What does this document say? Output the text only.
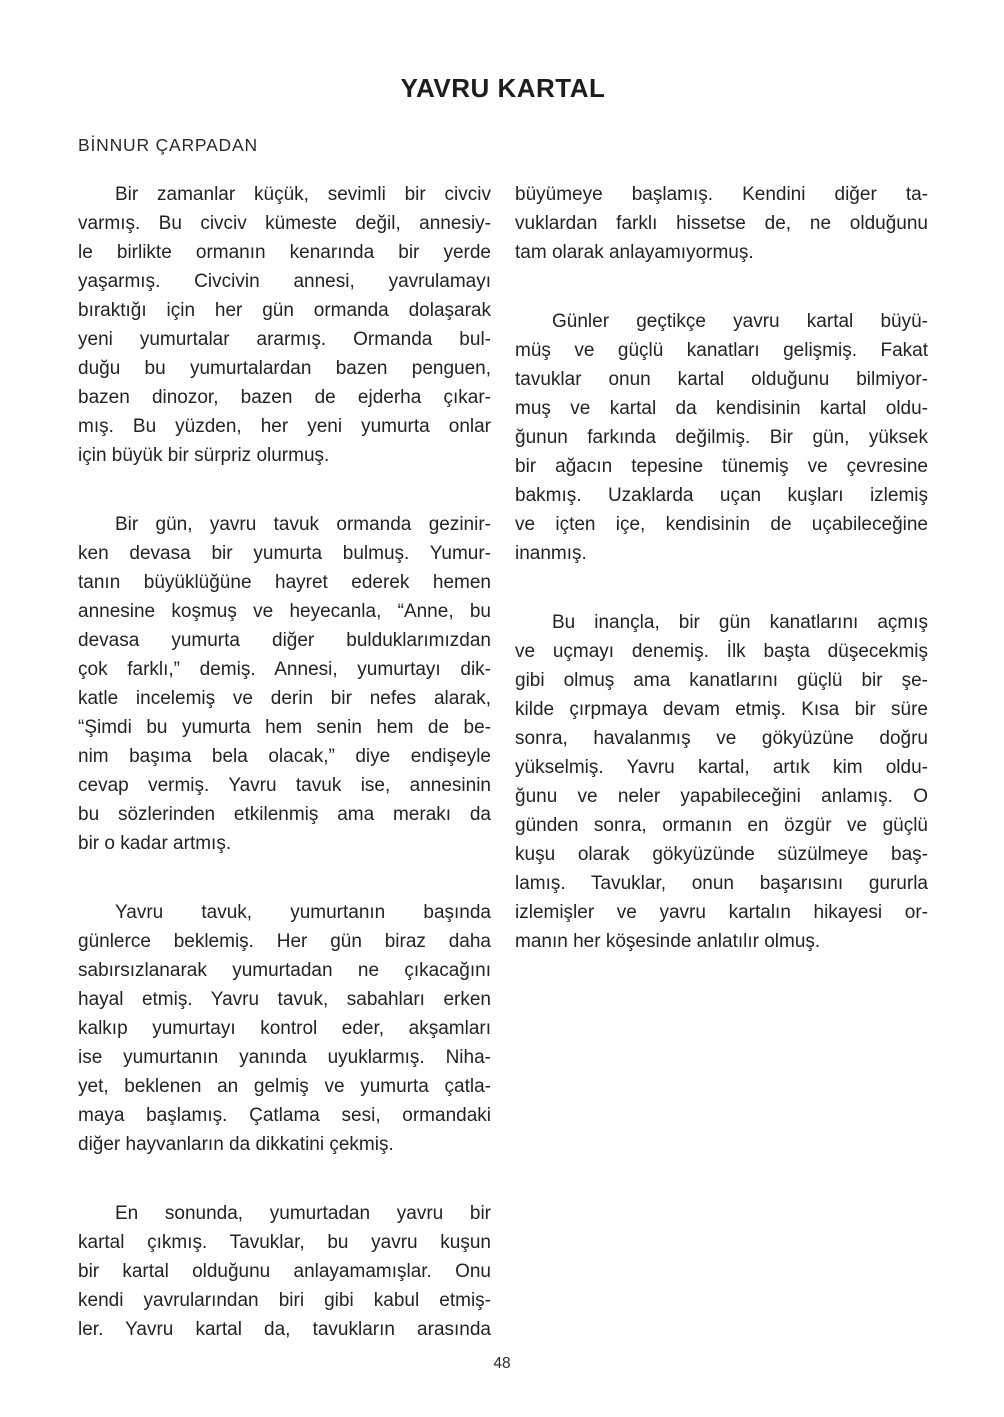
YAVRU KARTAL
BİNNUR ÇARPADAN
Bir zamanlar küçük, sevimli bir civciv
varmış. Bu civciv kümeste değil, annesiy-
le birlikte ormanın kenarında bir yerde
yaşarmış. Civcivin annesi, yavrulamayı
bıraktığı için her gün ormanda dolaşarak
yeni yumurtalar ararmış. Ormanda bul-
duğu bu yumurtalardan bazen penguen,
bazen dinozor, bazen de ejderha çıkar-
mış. Bu yüzden, her yeni yumurta onlar
için büyük bir sürpriz olurmuş.
Bir gün, yavru tavuk ormanda gezinir-
ken devasa bir yumurta bulmuş. Yumur-
tanın büyüklüğüne hayret ederek hemen
annesine koşmuş ve heyecanla, “Anne, bu
devasa yumurta diğer bulduklarımızdan
çok farklı,” demiş. Annesi, yumurtayı dik-
katle incelemiş ve derin bir nefes alarak,
“Şimdi bu yumurta hem senin hem de be-
nim başıma bela olacak,” diye endişeyle
cevap vermiş. Yavru tavuk ise, annesinin
bu sözlerinden etkilenmiş ama merakı da
bir o kadar artmış.
Yavru tavuk, yumurtanın başında
günlerce beklemiş. Her gün biraz daha
sabırsızlanarak yumurtadan ne çıkacağını
hayal etmiş. Yavru tavuk, sabahları erken
kalkıp yumurtayı kontrol eder, akşamları
ise yumurtanın yanında uyuklarmış. Niha-
yet, beklenen an gelmiş ve yumurta çatla-
maya başlamış. Çatlama sesi, ormandaki
diğer hayvanların da dikkatini çekmiş.
En sonunda, yumurtadan yavru bir
kartal çıkmış. Tavuklar, bu yavru kuşun
bir kartal olduğunu anlayamamışlar. Onu
kendi yavrularından biri gibi kabul etmiş-
ler. Yavru kartal da, tavukların arasında
büyümeye başlamış. Kendini diğer ta-
vuklardan farklı hissetse de, ne olduğunu
tam olarak anlayamıyormuş.
Günler geçtikçe yavru kartal büyü-
müş ve güçlü kanatları gelişmiş. Fakat
tavuklar onun kartal olduğunu bilmiyor-
muş ve kartal da kendisinin kartal oldu-
ğunun farkında değilmiş. Bir gün, yüksek
bir ağacın tepesine tünemiş ve çevresine
bakmış. Uzaklarda uçan kuşları izlemiş
ve içten içe, kendisinin de uçabileceğine
inanmış.
Bu inançla, bir gün kanatlarını açmış
ve uçmayı denemiş. İlk başta düşecekmiş
gibi olmuş ama kanatlarını güçlü bir şe-
kilde çırpmaya devam etmiş. Kısa bir süre
sonra, havalanmış ve gökyüzüne doğru
yükselmiş. Yavru kartal, artık kim oldu-
ğunu ve neler yapabileceğini anlamış. O
günden sonra, ormanın en özgür ve güçlü
kuşu olarak gökyüzünde süzülmeye baş-
lamış. Tavuklar, onun başarısını gururla
izlemişler ve yavru kartalın hikayesi or-
manın her köşesinde anlatılır olmuş.
48
